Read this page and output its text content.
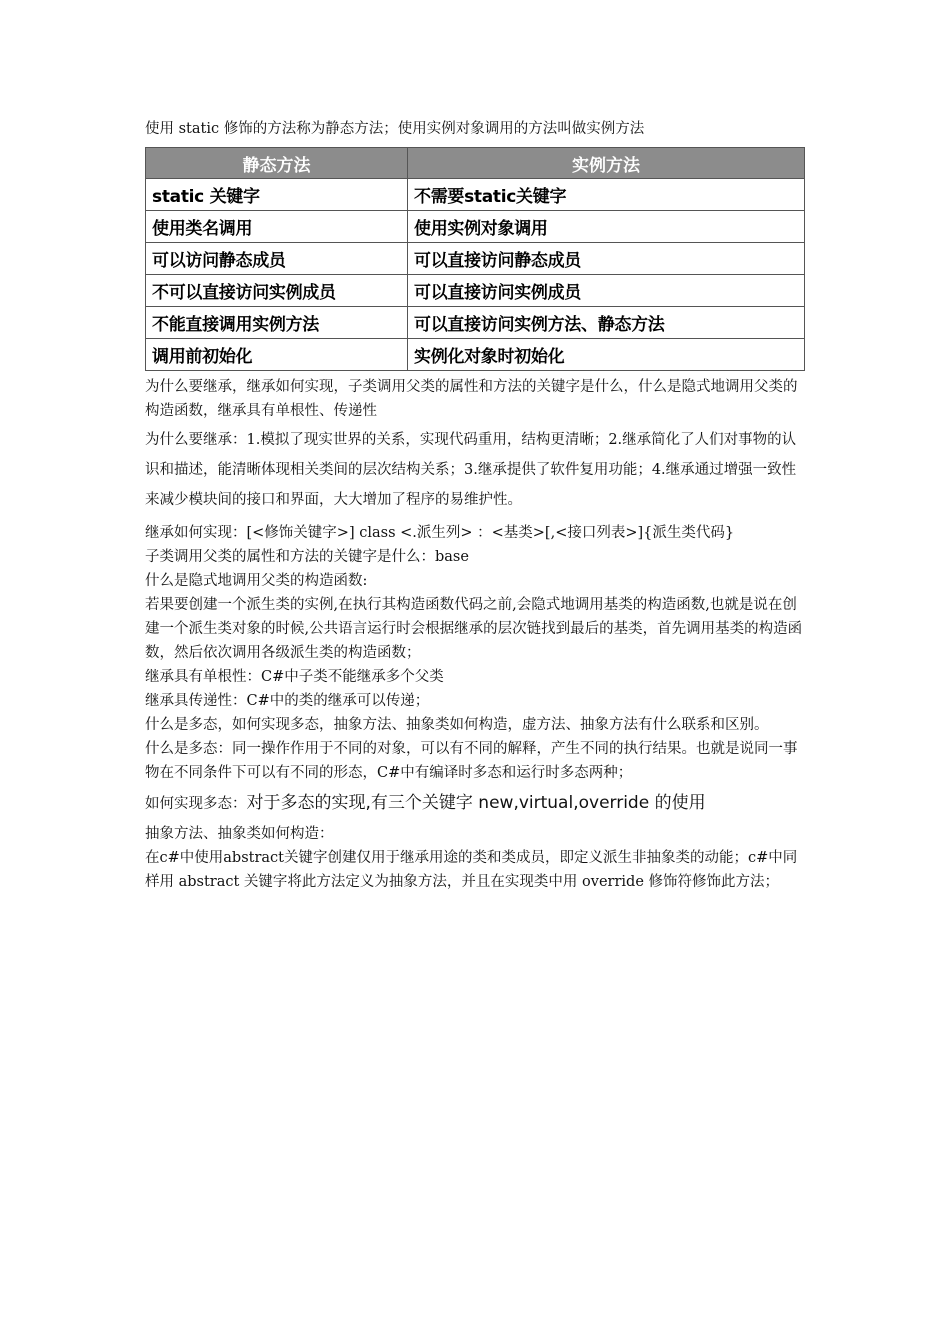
使用 static 修饰的方法称为静态方法；使用实例对象调用的方法叫做实例方法

静态方法	实例方法
static 关键字	不需要static关键字
使用类名调用	使用实例对象调用
可以访问静态成员	可以直接访问静态成员
不可以直接访问实例成员	可以直接访问实例成员
不能直接调用实例方法	可以直接访问实例方法、静态方法
调用前初始化	实例化对象时初始化

为什么要继承，继承如何实现，子类调用父类的属性和方法的关键字是什么，什么是隐式地调用父类的构造函数，继承具有单根性、传递性

为什么要继承：1.模拟了现实世界的关系，实现代码重用，结构更清晰；2.继承简化了人们对事物的认识和描述，能清晰体现相关类间的层次结构关系；3.继承提供了软件复用功能；4.继承通过增强一致性来减少模块间的接口和界面，大大增加了程序的易维护性。

继承如何实现：[<修饰关键字>] class <.派生列> ：<基类>[,<接口列表>]{派生类代码}

子类调用父类的属性和方法的关键字是什么：base

什么是隐式地调用父类的构造函数:

若果要创建一个派生类的实例,在执行其构造函数代码之前,会隐式地调用基类的构造函数,也就是说在创建一个派生类对象的时候,公共语言运行时会根据继承的层次链找到最后的基类，首先调用基类的构造函数，然后依次调用各级派生类的构造函数；

继承具有单根性：C#中子类不能继承多个父类

继承具传递性：C#中的类的继承可以传递；

什么是多态，如何实现多态，抽象方法、抽象类如何构造，虚方法、抽象方法有什么联系和区别。

什么是多态：同一操作作用于不同的对象，可以有不同的解释，产生不同的执行结果。也就是说同一事物在不同条件下可以有不同的形态，C#中有编译时多态和运行时多态两种；

如何实现多态：对于多态的实现,有三个关键字 new,virtual,override 的使用

抽象方法、抽象类如何构造：

在c#中使用abstract关键字创建仅用于继承用途的类和类成员，即定义派生非抽象类的动能；c#中同样用 abstract 关键字将此方法定义为抽象方法，并且在实现类中用 override 修饰符修饰此方法；
